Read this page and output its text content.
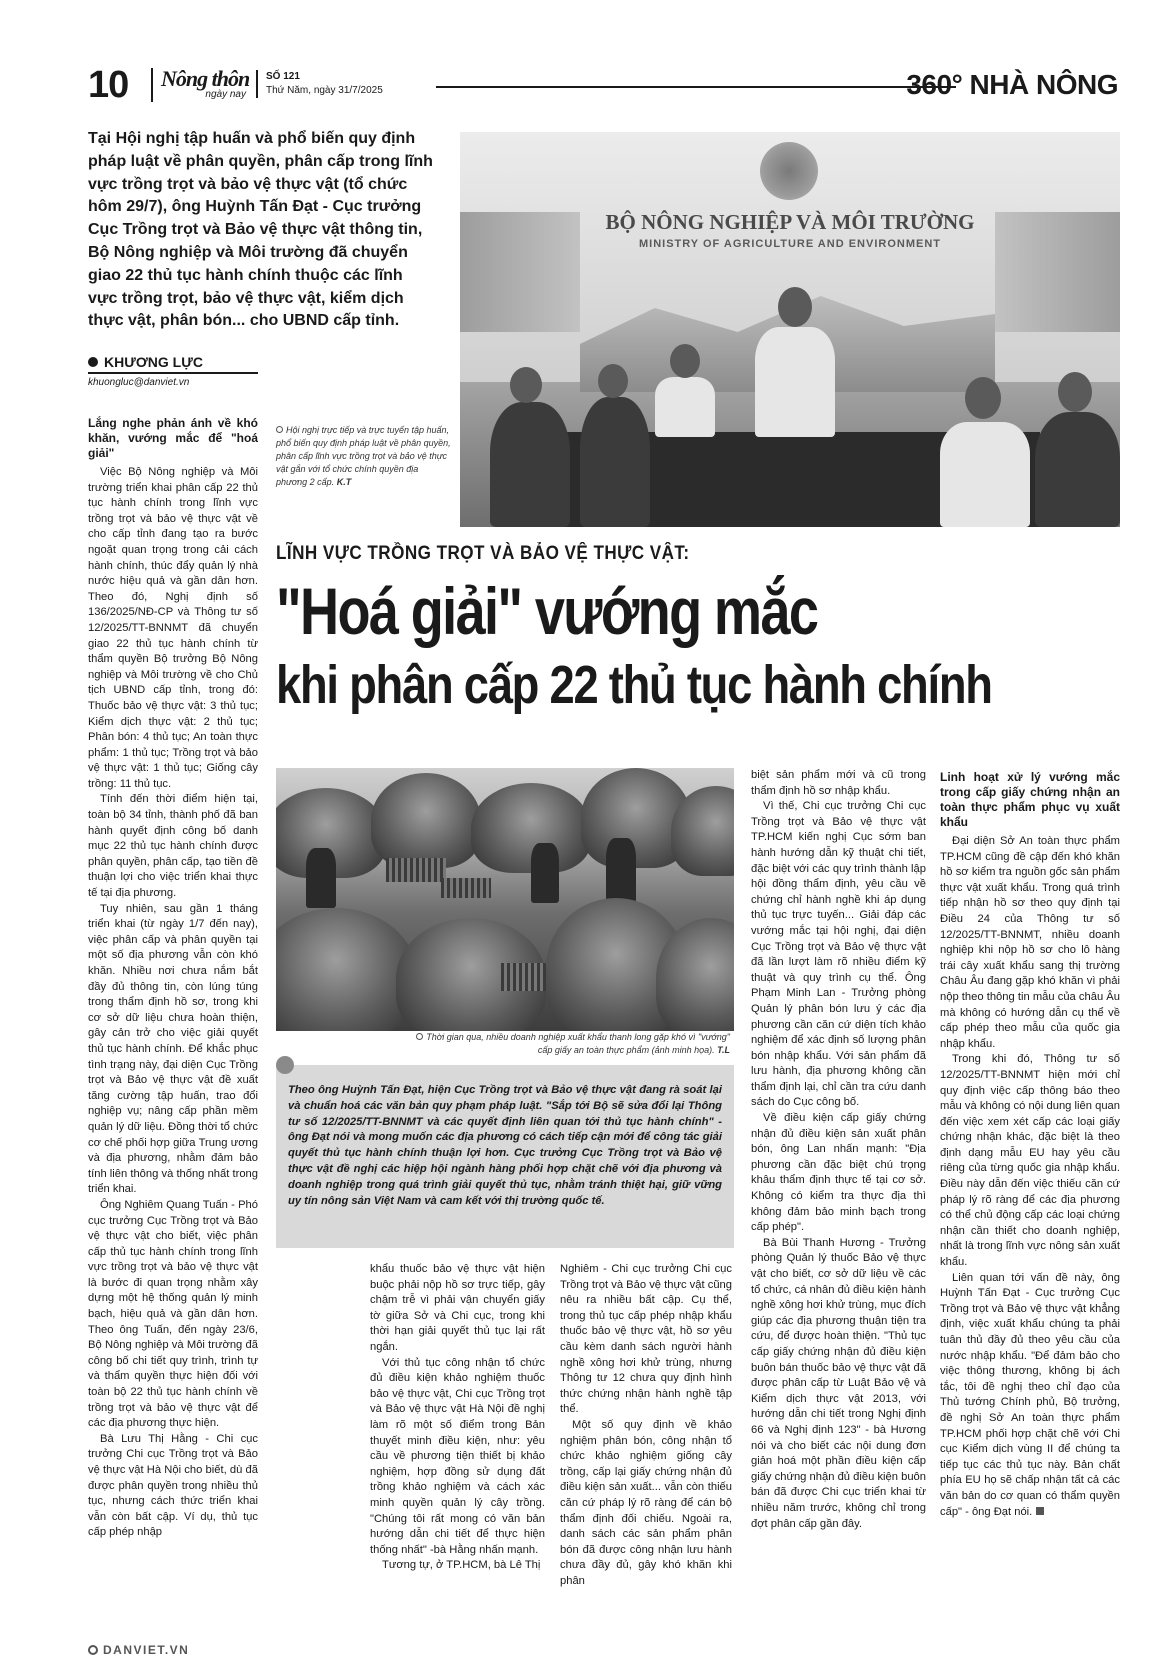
10 Nông thôn
ngày nay
SỐ 121
Thứ Năm, ngày 31/7/2025	360° NHÀ NÔNG
Tại Hội nghị tập huấn và phổ biến quy định pháp luật về phân quyền, phân cấp trong lĩnh vực trồng trọt và bảo vệ thực vật (tổ chức hôm 29/7), ông Huỳnh Tấn Đạt - Cục trưởng Cục Trồng trọt và Bảo vệ thực vật thông tin, Bộ Nông nghiệp và Môi trường đã chuyển giao 22 thủ tục hành chính thuộc các lĩnh vực trồng trọt, bảo vệ thực vật, kiểm dịch thực vật, phân bón... cho UBND cấp tỉnh.
KHƯƠNG LỰC
khuongluc@danviet.vn
BỘ NÔNG NGHIỆP VÀ MÔI TRƯỜNG
MINISTRY OF AGRICULTURE AND ENVIRONMENT
Hội nghị trực tiếp và trực tuyến tập huấn, phổ biến quy định pháp luật về phân quyền, phân cấp lĩnh vực trồng trọt và bảo vệ thực vật gắn với tổ chức chính quyền địa phương 2 cấp. K.T
LĨNH VỰC TRỒNG TRỌT VÀ BẢO VỆ THỰC VẬT:
"Hoá giải" vướng mắc
khi phân cấp 22 thủ tục hành chính
Lắng nghe phản ánh về khó khăn, vướng mắc để "hoá giải"

Việc Bộ Nông nghiệp và Môi trường triển khai phân cấp 22 thủ tục hành chính trong lĩnh vực trồng trọt và bảo vệ thực vật về cho cấp tỉnh đang tạo ra bước ngoặt quan trọng trong cải cách hành chính, thúc đẩy quản lý nhà nước hiệu quả và gần dân hơn. Theo đó, Nghị định số 136/2025/NĐ-CP và Thông tư số 12/2025/TT-BNNMT đã chuyển giao 22 thủ tục hành chính từ thẩm quyền Bộ trưởng Bộ Nông nghiệp và Môi trường về cho Chủ tịch UBND cấp tỉnh, trong đó: Thuốc bảo vệ thực vật: 3 thủ tục; Kiểm dịch thực vật: 2 thủ tục; Phân bón: 4 thủ tục; An toàn thực phẩm: 1 thủ tục; Trồng trọt và bảo vệ thực vật: 1 thủ tục; Giống cây trồng: 11 thủ tục.

Tính đến thời điểm hiện tại, toàn bộ 34 tỉnh, thành phố đã ban hành quyết định công bố danh mục 22 thủ tục hành chính được phân quyền, phân cấp, tạo tiền đề thuận lợi cho việc triển khai thực tế tại địa phương.

Tuy nhiên, sau gần 1 tháng triển khai (từ ngày 1/7 đến nay), việc phân cấp và phân quyền tại một số địa phương vẫn còn khó khăn. Nhiều nơi chưa nắm bắt đầy đủ thông tin, còn lúng túng trong thẩm định hồ sơ, trong khi cơ sở dữ liệu chưa hoàn thiện, gây cản trở cho việc giải quyết thủ tục hành chính. Để khắc phục tình trạng này, đại diện Cục Trồng trọt và Bảo vệ thực vật đề xuất tăng cường tập huấn, trao đổi nghiệp vụ; nâng cấp phần mềm quản lý dữ liệu. Đồng thời tổ chức cơ chế phối hợp giữa Trung ương và địa phương, nhằm đảm bảo tính liên thông và thống nhất trong triển khai.

Ông Nghiêm Quang Tuấn - Phó cục trưởng Cục Trồng trọt và Bảo vệ thực vật cho biết, việc phân cấp thủ tục hành chính trong lĩnh vực trồng trọt và bảo vệ thực vật là bước đi quan trọng nhằm xây dựng một hệ thống quản lý minh bạch, hiệu quả và gần dân hơn. Theo ông Tuấn, đến ngày 23/6, Bộ Nông nghiệp và Môi trường đã công bố chi tiết quy trình, trình tự và thẩm quyền thực hiện đối với toàn bộ 22 thủ tục hành chính về trồng trọt và bảo vệ thực vật để các địa phương thực hiện.

Bà Lưu Thị Hằng - Chi cục trưởng Chi cục Trồng trọt và Bảo vệ thực vật Hà Nội cho biết, dù đã được phân quyền trong nhiều thủ tục, nhưng cách thức triển khai vẫn còn bất cập. Ví dụ, thủ tục cấp phép nhập

Thời gian qua, nhiều doanh nghiệp xuất khẩu thanh long gặp khó vì "vướng" cấp giấy an toàn thực phẩm (ảnh minh họa). T.L
Theo ông Huỳnh Tấn Đạt, hiện Cục Trồng trọt và Bảo vệ thực vật đang rà soát lại và chuẩn hoá các văn bản quy phạm pháp luật. "Sắp tới Bộ sẽ sửa đổi lại Thông tư số 12/2025/TT-BNNMT và các quyết định liên quan tới thủ tục hành chính" - ông Đạt nói và mong muốn các địa phương có cách tiếp cận mới để công tác giải quyết thủ tục hành chính thuận lợi hơn. Cục trưởng Cục Trồng trọt và Bảo vệ thực vật đề nghị các hiệp hội ngành hàng phối hợp chặt chẽ với địa phương và doanh nghiệp trong quá trình giải quyết thủ tục, nhằm tránh thiệt hại, giữ vững uy tín nông sản Việt Nam và cam kết với thị trường quốc tế.

khẩu thuốc bảo vệ thực vật hiện buộc phải nộp hồ sơ trực tiếp, gây chậm trễ vì phải vận chuyển giấy tờ giữa Sở và Chi cục, trong khi thời hạn giải quyết thủ tục lại rất ngắn.

Với thủ tục công nhận tổ chức đủ điều kiện khảo nghiệm thuốc bảo vệ thực vật, Chi cục Trồng trọt và Bảo vệ thực vật Hà Nội đề nghị làm rõ một số điểm trong Bản thuyết minh điều kiện, như: yêu cầu về phương tiện thiết bị khảo nghiệm, hợp đồng sử dụng đất trồng khảo nghiệm và cách xác minh quyền quản lý cây trồng. "Chúng tôi rất mong có văn bản hướng dẫn chi tiết để thực hiện thống nhất" -bà Hằng nhấn mạnh.

Tương tự, ở TP.HCM, bà Lê Thị

Nghiêm - Chi cục trưởng Chi cục Trồng trọt và Bảo vệ thực vật cũng nêu ra nhiều bất cập. Cụ thể, trong thủ tục cấp phép nhập khẩu thuốc bảo vệ thực vật, hồ sơ yêu cầu kèm danh sách người hành nghề xông hơi khử trùng, nhưng Thông tư 12 chưa quy định hình thức chứng nhận hành nghề tập thể.

Một số quy định về khảo nghiệm phân bón, công nhận tổ chức khảo nghiệm giống cây trồng, cấp lại giấy chứng nhận đủ điều kiện sản xuất... vẫn còn thiếu căn cứ pháp lý rõ ràng để cán bộ thẩm định đối chiếu. Ngoài ra, danh sách các sản phẩm phân bón đã được công nhận lưu hành chưa đầy đủ, gây khó khăn khi phân

biệt sản phẩm mới và cũ trong thẩm định hồ sơ nhập khẩu.

Vì thế, Chi cục trưởng Chi cục Trồng trọt và Bảo vệ thực vật TP.HCM kiến nghị Cục sớm ban hành hướng dẫn kỹ thuật chi tiết, đặc biệt với các quy trình thành lập hội đồng thẩm định, yêu cầu về chứng chỉ hành nghề khi áp dụng thủ tục trực tuyến... Giải đáp các vướng mắc tại hội nghị, đại diện Cục Trồng trọt và Bảo vệ thực vật đã lần lượt làm rõ nhiều điểm kỹ thuật và quy trình cụ thể. Ông Phạm Minh Lan - Trưởng phòng Quản lý phân bón lưu ý các địa phương cần căn cứ diện tích khảo nghiệm để xác định số lượng phân bón nhập khẩu. Với sản phẩm đã lưu hành, địa phương không cần thẩm định lại, chỉ cần tra cứu danh sách do Cục công bố.

Về điều kiện cấp giấy chứng nhận đủ điều kiện sản xuất phân bón, ông Lan nhấn mạnh: "Địa phương cần đặc biệt chú trọng khâu thẩm định thực tế tại cơ sở. Không có kiểm tra thực địa thì không đảm bảo minh bạch trong cấp phép".

Bà Bùi Thanh Hương - Trưởng phòng Quản lý thuốc Bảo vệ thực vật cho biết, cơ sở dữ liệu về các tổ chức, cá nhân đủ điều kiện hành nghề xông hơi khử trùng, mục đích giúp các địa phương thuận tiện tra cứu, để được hoàn thiện. "Thủ tục cấp giấy chứng nhận đủ điều kiện buôn bán thuốc bảo vệ thực vật đã được phân cấp từ Luật Bảo vệ và Kiểm dịch thực vật 2013, với hướng dẫn chi tiết trong Nghị định 66 và Nghị định 123" - bà Hương nói và cho biết các nội dung đơn giản hoá một phần điều kiện cấp giấy chứng nhận đủ điều kiện buôn bán đã được Chi cục triển khai từ nhiều năm trước, không chỉ trong đợt phân cấp gần đây.

Linh hoạt xử lý vướng mắc trong cấp giấy chứng nhận an toàn thực phẩm phục vụ xuất khẩu

Đại diện Sở An toàn thực phẩm TP.HCM cũng đề cập đến khó khăn hồ sơ kiểm tra nguồn gốc sản phẩm thực vật xuất khẩu. Trong quá trình tiếp nhận hồ sơ theo quy định tại Điều 24 của Thông tư số 12/2025/TT-BNNMT, nhiều doanh nghiệp khi nộp hồ sơ cho lô hàng trái cây xuất khẩu sang thị trường Châu Âu đang gặp khó khăn vì phải nộp theo thông tin mẫu của châu Âu mà không có hướng dẫn cụ thể về cấp phép theo mẫu của quốc gia nhập khẩu.

Trong khi đó, Thông tư số 12/2025/TT-BNNMT hiện mới chỉ quy định việc cấp thông báo theo mẫu và không có nội dung liên quan đến việc xem xét cấp các loại giấy chứng nhận khác, đặc biệt là theo định dạng mẫu EU hay yêu cầu riêng của từng quốc gia nhập khẩu. Điều này dẫn đến việc thiếu căn cứ pháp lý rõ ràng để các địa phương có thể chủ động cấp các loại chứng nhận cần thiết cho doanh nghiệp, nhất là trong lĩnh vực nông sản xuất khẩu.

Liên quan tới vấn đề này, ông Huỳnh Tấn Đạt - Cục trưởng Cục Trồng trọt và Bảo vệ thực vật khẳng định, việc xuất khẩu chúng ta phải tuân thủ đầy đủ theo yêu cầu của nước nhập khẩu. "Để đảm bảo cho việc thông thương, không bị ách tắc, tôi đề nghị theo chỉ đạo của Thủ tướng Chính phủ, Bộ trưởng, đề nghị Sở An toàn thực phẩm TP.HCM phối hợp chặt chẽ với Chi cục Kiểm dịch vùng II để chúng ta tiếp tục các thủ tục này. Bản chất phía EU họ sẽ chấp nhận tất cả các văn bản do cơ quan có thẩm quyền cấp" - ông Đạt nói.

DANVIET.VN
